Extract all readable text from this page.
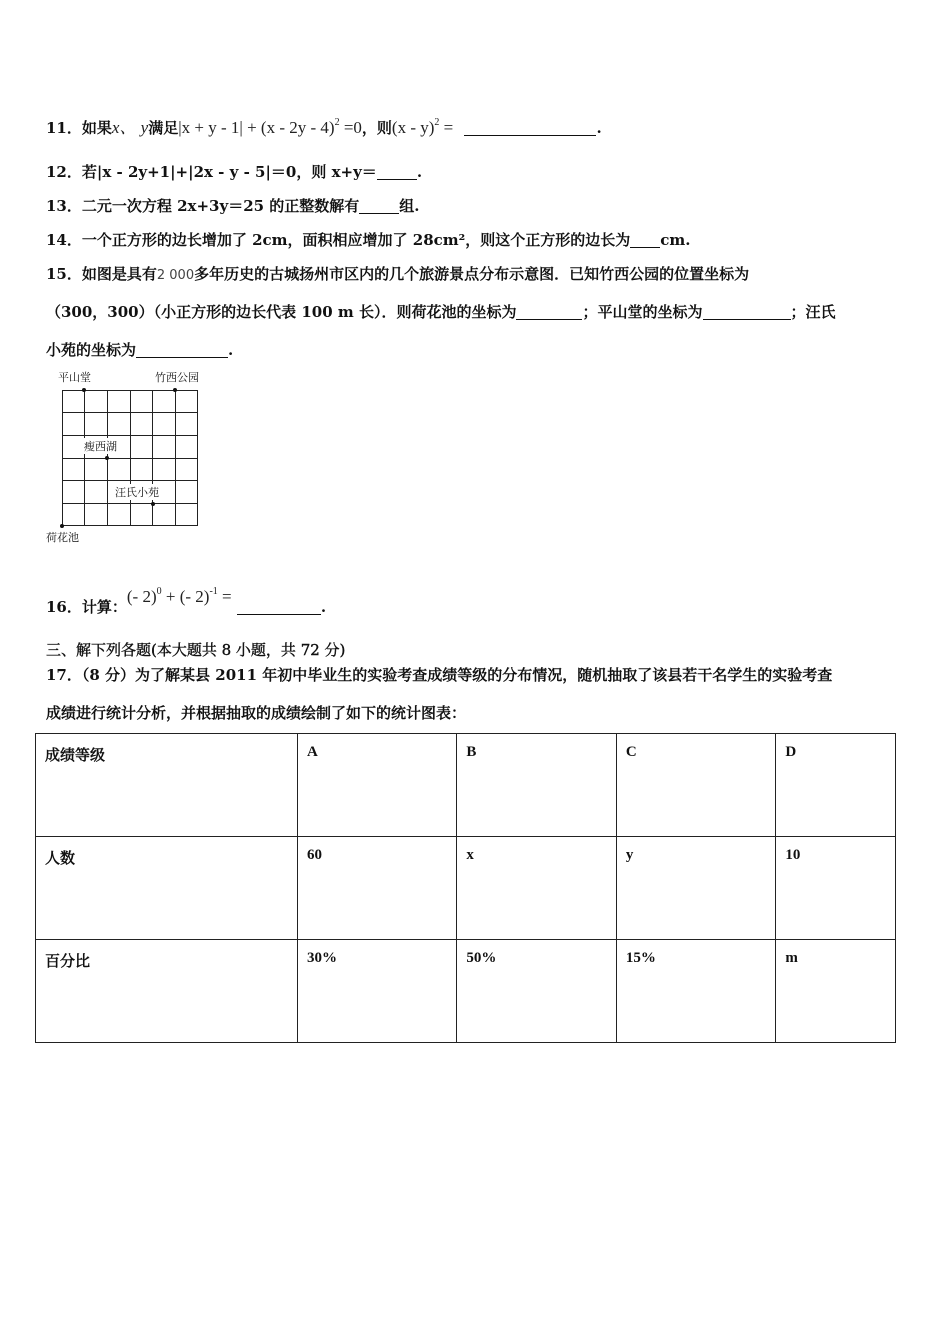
11．如果x、 y满足|x + y - 1| + (x - 2y - 4)$^2$ =0，则(x - y)$^2$ =	.
12．若|x - 2y+1|+|2x - y - 5|＝0，则 x+y＝	.
13．二元一次方程 2x+3y＝25 的正整数解有	组.
14．一个正方形的边长增加了 2cm，面积相应增加了 28cm²，则这个正方形的边长为 cm.
15．如图是具有2 000多年历史的古城扬州市区内的几个旅游景点分布示意图．已知竹西公园的位置坐标为
（300，300）（小正方形的边长代表 100 m 长）．则荷花池的坐标为	；平山堂的坐标为	；汪氏
小苑的坐标为	.
平山堂	竹西公园
瘦西湖
汪氏小苑
荷花池
16．计算：(- 2)$^0$ + (- 2)$^{-1}$ = .
三、解下列各题(本大题共 8 小题，共 72 分)
17．（8 分）为了解某县 2011 年初中毕业生的实验考查成绩等级的分布情况，随机抽取了该县若干名学生的实验考查
成绩进行统计分析，并根据抽取的成绩绘制了如下的统计图表：
成绩等级	A	B	C	D
人数	60	x	y	10
百分比	30%	50%	15%	m
